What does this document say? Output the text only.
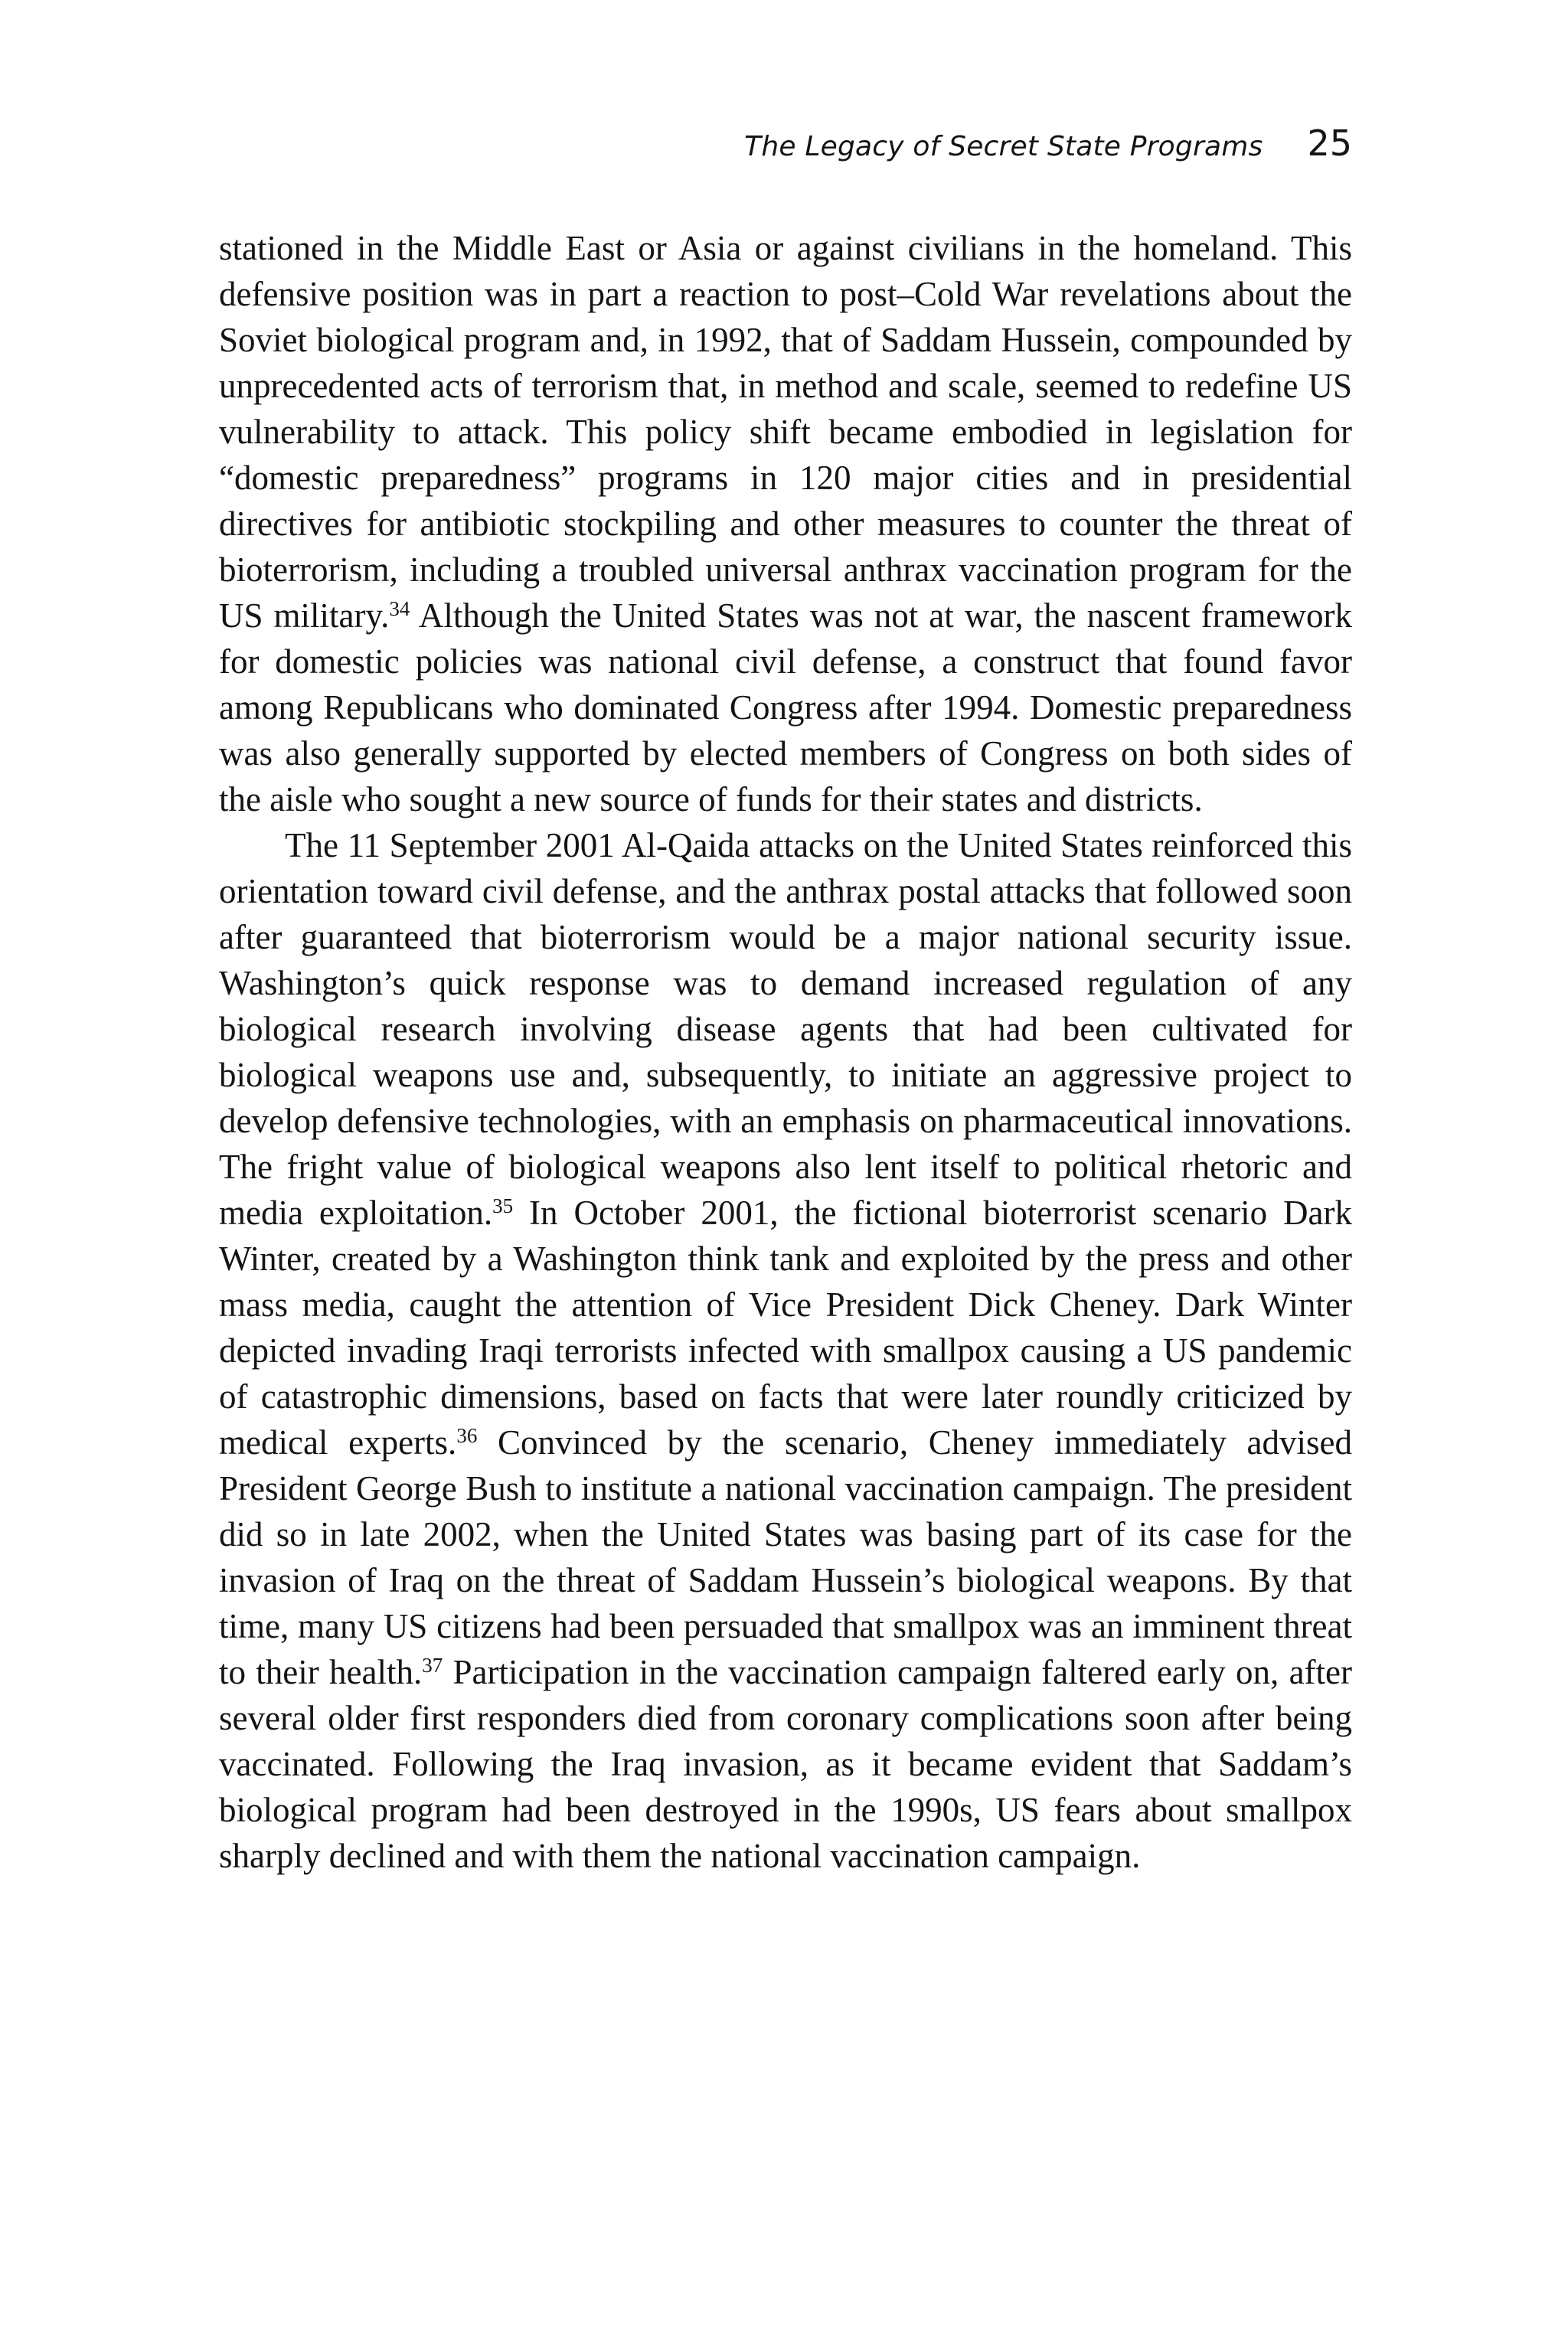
The Legacy of Secret State Programs 25

stationed in the Middle East or Asia or against civilians in the homeland. This defensive position was in part a reaction to post–Cold War revelations about the Soviet biological program and, in 1992, that of Saddam Hussein, compounded by unprecedented acts of terrorism that, in method and scale, seemed to redefine US vulnerability to attack. This policy shift became embodied in legislation for “domestic preparedness” programs in 120 major cities and in presidential directives for antibiotic stockpiling and other measures to counter the threat of bioterrorism, including a troubled universal anthrax vaccination program for the US military.$^{34}$ Although the United States was not at war, the nascent framework for domestic policies was national civil defense, a construct that found favor among Republicans who dominated Congress after 1994. Domestic preparedness was also generally supported by elected members of Congress on both sides of the aisle who sought a new source of funds for their states and districts.

The 11 September 2001 Al-Qaida attacks on the United States reinforced this orientation toward civil defense, and the anthrax postal attacks that followed soon after guaranteed that bioterrorism would be a major national security issue. Washington’s quick response was to demand increased regulation of any biological research involving disease agents that had been cultivated for biological weapons use and, subsequently, to initiate an aggressive project to develop defensive technologies, with an emphasis on pharmaceutical innovations. The fright value of biological weapons also lent itself to political rhetoric and media exploitation.$^{35}$ In October 2001, the fictional bioterrorist scenario Dark Winter, created by a Washington think tank and exploited by the press and other mass media, caught the attention of Vice President Dick Cheney. Dark Winter depicted invading Iraqi terrorists infected with smallpox causing a US pandemic of catastrophic dimensions, based on facts that were later roundly criticized by medical experts.$^{36}$ Convinced by the scenario, Cheney immediately advised President George Bush to institute a national vaccination campaign. The president did so in late 2002, when the United States was basing part of its case for the invasion of Iraq on the threat of Saddam Hussein’s biological weapons. By that time, many US citizens had been persuaded that smallpox was an imminent threat to their health.$^{37}$ Participation in the vaccination campaign faltered early on, after several older first responders died from coronary complications soon after being vaccinated. Following the Iraq invasion, as it became evident that Saddam’s biological program had been destroyed in the 1990s, US fears about smallpox sharply declined and with them the national vaccination campaign.
